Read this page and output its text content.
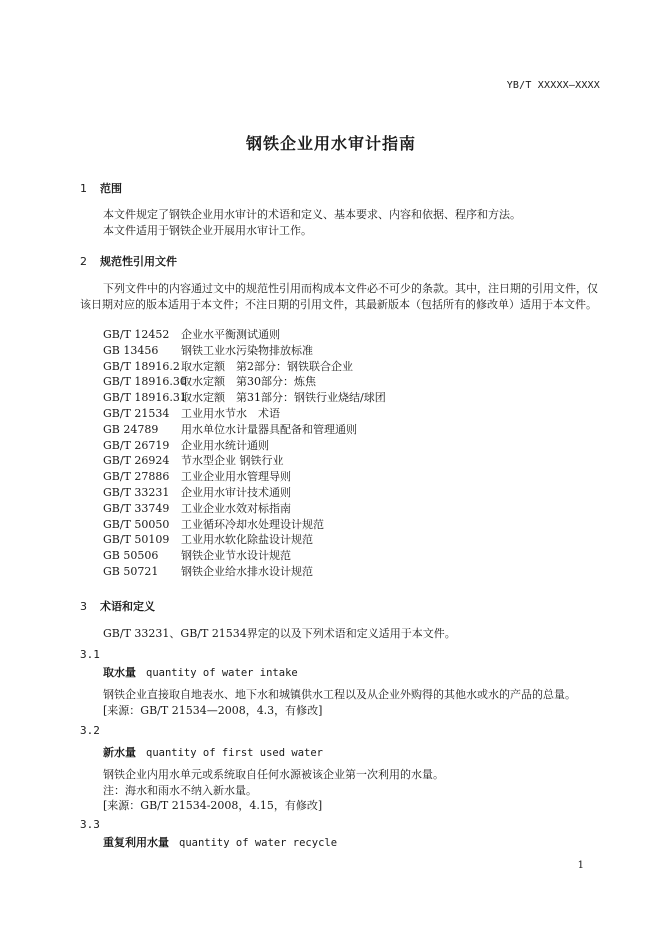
YB/T XXXXX—XXXX
钢铁企业用水审计指南
1 范围
本文件规定了钢铁企业用水审计的术语和定义、基本要求、内容和依据、程序和方法。
本文件适用于钢铁企业开展用水审计工作。
2 规范性引用文件
下列文件中的内容通过文中的规范性引用而构成本文件必不可少的条款。其中，注日期的引用文件，仅该日期对应的版本适用于本文件；不注日期的引用文件，其最新版本（包括所有的修改单）适用于本文件。
GB/T 12452 企业水平衡测试通则
GB 13456 钢铁工业水污染物排放标准
GB/T 18916.2取水定额　第2部分：钢铁联合企业
GB/T 18916.30取水定额　第30部分：炼焦
GB/T 18916.31取水定额　第31部分：钢铁行业烧结/球团
GB/T 21534 工业用水节水　术语
GB 24789 用水单位水计量器具配备和管理通则
GB/T 26719 企业用水统计通则
GB/T 26924 节水型企业 钢铁行业
GB/T 27886 工业企业用水管理导则
GB/T 33231 企业用水审计技术通则
GB/T 33749 工业企业水效对标指南
GB/T 50050 工业循环冷却水处理设计规范
GB/T 50109 工业用水软化除盐设计规范
GB 50506 钢铁企业节水设计规范
GB 50721 钢铁企业给水排水设计规范
3 术语和定义
GB/T 33231、GB/T 21534界定的以及下列术语和定义适用于本文件。
3.1
取水量 quantity of water intake
钢铁企业直接取自地表水、地下水和城镇供水工程以及从企业外购得的其他水或水的产品的总量。
[来源：GB/T 21534—2008，4.3，有修改]
3.2
新水量 quantity of first used water
钢铁企业内用水单元或系统取自任何水源被该企业第一次利用的水量。
注：海水和雨水不纳入新水量。
[来源：GB/T 21534-2008，4.15，有修改]
3.3
重复利用水量 quantity of water recycle
1
